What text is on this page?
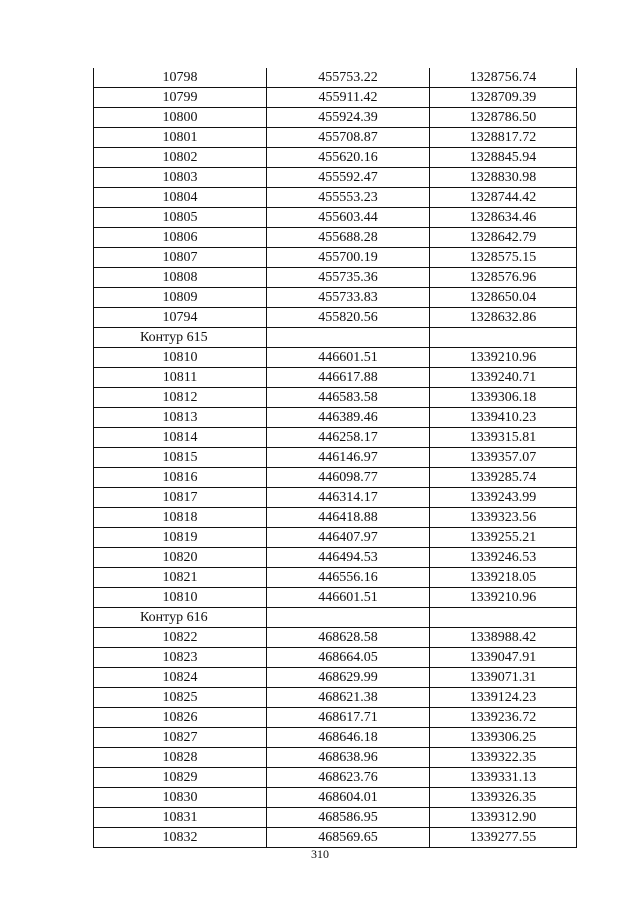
10798	455753.22	1328756.74
10799	455911.42	1328709.39
10800	455924.39	1328786.50
10801	455708.87	1328817.72
10802	455620.16	1328845.94
10803	455592.47	1328830.98
10804	455553.23	1328744.42
10805	455603.44	1328634.46
10806	455688.28	1328642.79
10807	455700.19	1328575.15
10808	455735.36	1328576.96
10809	455733.83	1328650.04
10794	455820.56	1328632.86
Контур 615		
10810	446601.51	1339210.96
10811	446617.88	1339240.71
10812	446583.58	1339306.18
10813	446389.46	1339410.23
10814	446258.17	1339315.81
10815	446146.97	1339357.07
10816	446098.77	1339285.74
10817	446314.17	1339243.99
10818	446418.88	1339323.56
10819	446407.97	1339255.21
10820	446494.53	1339246.53
10821	446556.16	1339218.05
10810	446601.51	1339210.96
Контур 616		
10822	468628.58	1338988.42
10823	468664.05	1339047.91
10824	468629.99	1339071.31
10825	468621.38	1339124.23
10826	468617.71	1339236.72
10827	468646.18	1339306.25
10828	468638.96	1339322.35
10829	468623.76	1339331.13
10830	468604.01	1339326.35
10831	468586.95	1339312.90
10832	468569.65	1339277.55
310
